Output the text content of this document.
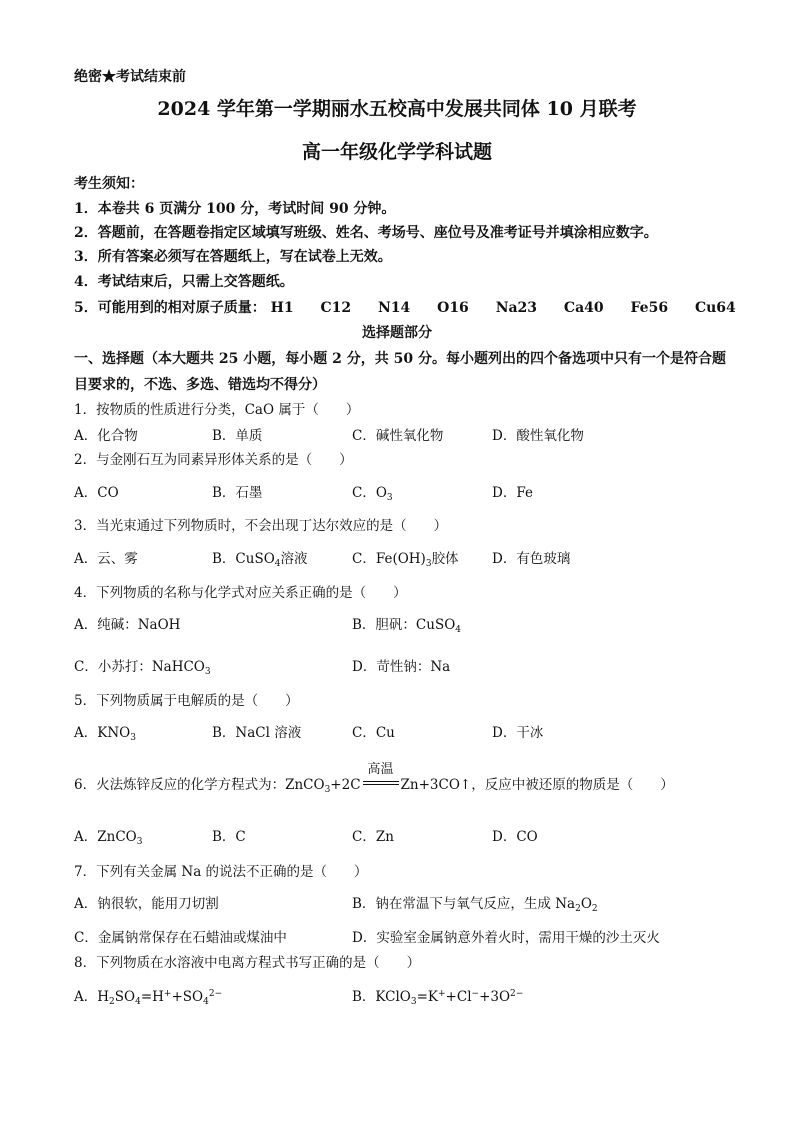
绝密★考试结束前
2024 学年第一学期丽水五校高中发展共同体 10 月联考
高一年级化学学科试题
考生须知：
1．本卷共 6 页满分 100 分，考试时间 90 分钟。
2．答题前，在答题卷指定区域填写班级、姓名、考场号、座位号及准考证号并填涂相应数字。
3．所有答案必须写在答题纸上，写在试卷上无效。
4．考试结束后，只需上交答题纸。
5．可能用到的相对原子质量： H1 C12 N14 O16 Na23 Ca40 Fe56 Cu64
选择题部分
一、选择题（本大题共 25 小题，每小题 2 分，共 50 分。每小题列出的四个备选项中只有一个是符合题目要求的，不选、多选、错选均不得分）
1．按物质的性质进行分类，CaO 属于（　　）
A．化合物	B．单质	C．碱性氧化物	D．酸性氧化物
2．与金刚石互为同素异形体关系的是（　　）
A．CO	B．石墨	C．$O_3$	D．Fe
3．当光束通过下列物质时，不会出现丁达尔效应的是（　　）
A．云、雾	B．CuSO$_4$溶液	C．$Fe(OH)_3$胶体 D．有色玻璃
4．下列物质的名称与化学式对应关系正确的是（　　）
A．纯碱：NaOH	B．胆矾：CuSO$_4$
C．小苏打：NaHCO$_3$	D．苛性钠：Na
5．下列物质属于电解质的是（　　）
A．$KNO_3$	B．NaCl 溶液	C．Cu	D．干冰
6．火法炼锌反应的化学方程式为：ZnCO$_3$+2C
高温
Zn+3CO↑，反应中被还原的物质是（　　）
A．ZnCO$_3$	B．C	C．Zn	D．CO
7．下列有关金属 Na 的说法不正确的是（　　）
A．钠很软，能用刀切割	B．钠在常温下与氧气反应，生成 $Na_2O_2$
C．金属钠常保存在石蜡油或煤油中	D．实验室金属钠意外着火时，需用干燥的沙土灭火
8．下列物质在水溶液中电离方程式书写正确的是（　　）
A．$H_2SO_4=H^++SO_4^{2-}$	B．$KClO_3=K^++Cl^-+3O^{2-}$
